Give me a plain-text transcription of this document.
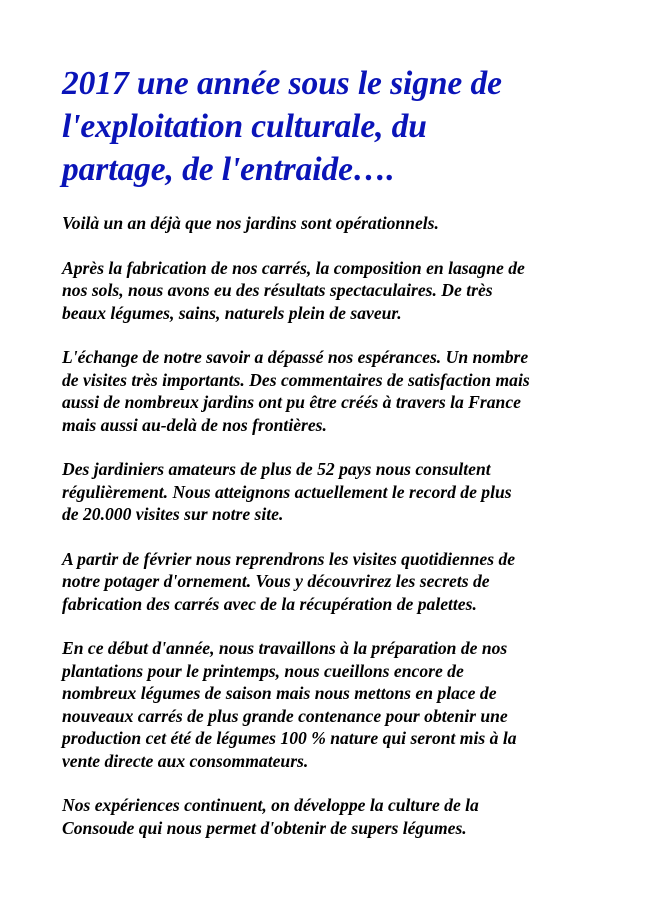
2017 une année sous le signe de
l'exploitation culturale, du
partage, de l'entraide….

Voilà un an déjà que nos jardins sont opérationnels.

Après la fabrication de nos carrés, la composition en lasagne de
nos sols, nous avons eu des résultats spectaculaires. De très
beaux légumes, sains, naturels plein de saveur.

L'échange de notre savoir a dépassé nos espérances. Un nombre
de visites très importants. Des commentaires de satisfaction mais
aussi de nombreux jardins ont pu être créés à travers la France
mais aussi au-delà de nos frontières.

Des jardiniers amateurs de plus de 52 pays nous consultent
régulièrement. Nous atteignons actuellement le record de plus
de 20.000 visites sur notre site.

A partir de février nous reprendrons les visites quotidiennes de
notre potager d'ornement. Vous y découvrirez les secrets de
fabrication des carrés avec de la récupération de palettes.

En ce début d'année, nous travaillons à la préparation de nos
plantations pour le printemps, nous cueillons encore de
nombreux légumes de saison mais nous mettons en place de
nouveaux carrés de plus grande contenance pour obtenir une
production cet été de légumes 100 % nature qui seront mis à la
vente directe aux consommateurs.

Nos expériences continuent, on développe la culture de la
Consoude qui nous permet d'obtenir de supers légumes.
